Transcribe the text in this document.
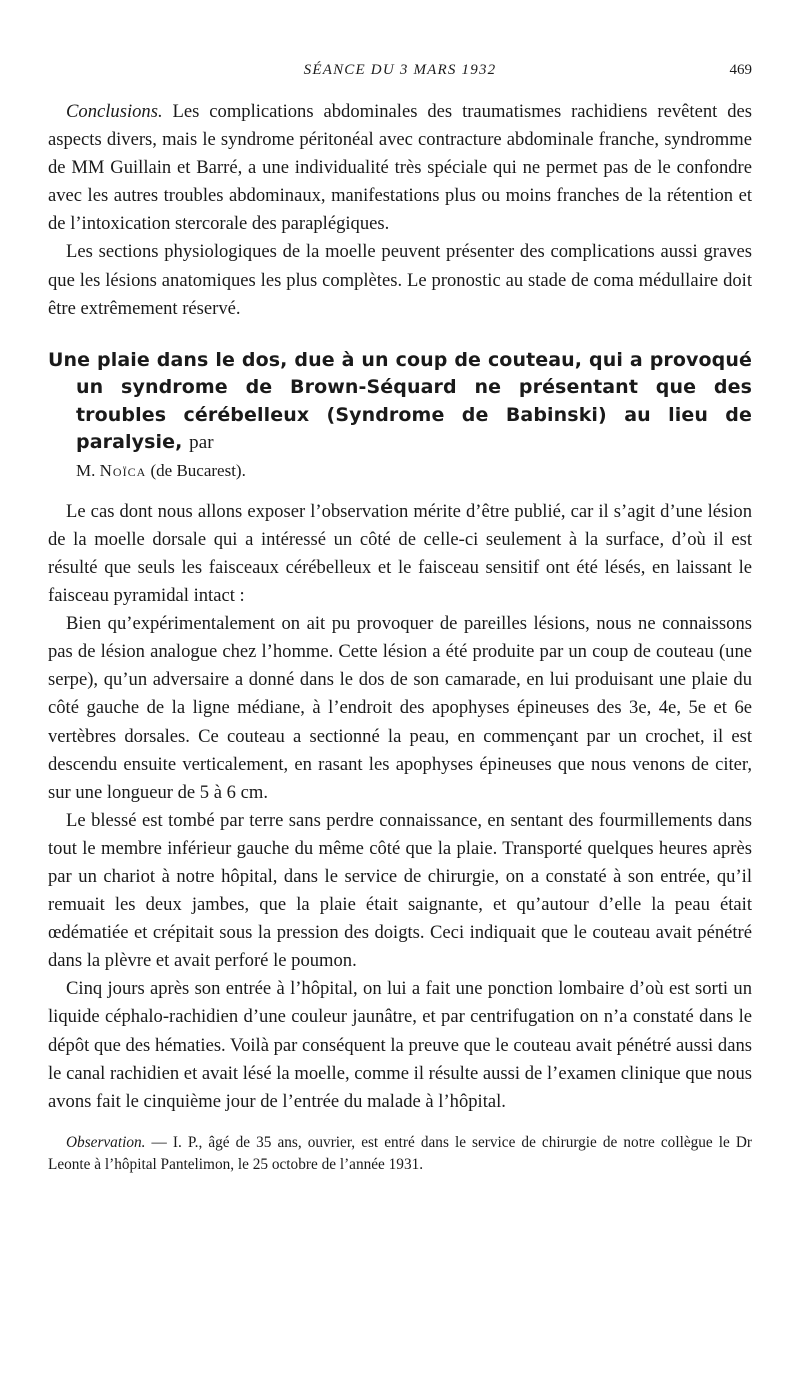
SÉANCE DU 3 MARS 1932	469

Conclusions. Les complications abdominales des traumatismes rachidiens revêtent des aspects divers, mais le syndrome péritonéal avec contracture abdominale franche, syndromme de MM Guillain et Barré, a une individualité très spéciale qui ne permet pas de le confondre avec les autres troubles abdominaux, manifestations plus ou moins franches de la rétention et de l’intoxication stercorale des paraplégiques.

Les sections physiologiques de la moelle peuvent présenter des complications aussi graves que les lésions anatomiques les plus complètes. Le pronostic au stade de coma médullaire doit être extrêmement réservé.

Une plaie dans le dos, due à un coup de couteau, qui a provoqué un syndrome de Brown-Séquard ne présentant que des troubles cérébelleux (Syndrome de Babinski) au lieu de paralysie, par
M. Noïca (de Bucarest).

Le cas dont nous allons exposer l’observation mérite d’être publié, car il s’agit d’une lésion de la moelle dorsale qui a intéressé un côté de celle-ci seulement à la surface, d’où il est résulté que seuls les faisceaux cérébelleux et le faisceau sensitif ont été lésés, en laissant le faisceau pyramidal intact :

Bien qu’expérimentalement on ait pu provoquer de pareilles lésions, nous ne connaissons pas de lésion analogue chez l’homme. Cette lésion a été produite par un coup de couteau (une serpe), qu’un adversaire a donné dans le dos de son camarade, en lui produisant une plaie du côté gauche de la ligne médiane, à l’endroit des apophyses épineuses des 3e, 4e, 5e et 6e vertèbres dorsales. Ce couteau a sectionné la peau, en commençant par un crochet, il est descendu ensuite verticalement, en rasant les apophyses épineuses que nous venons de citer, sur une longueur de 5 à 6 cm.

Le blessé est tombé par terre sans perdre connaissance, en sentant des fourmillements dans tout le membre inférieur gauche du même côté que la plaie. Transporté quelques heures après par un chariot à notre hôpital, dans le service de chirurgie, on a constaté à son entrée, qu’il remuait les deux jambes, que la plaie était saignante, et qu’autour d’elle la peau était œdématiée et crépitait sous la pression des doigts. Ceci indiquait que le couteau avait pénétré dans la plèvre et avait perforé le poumon.

Cinq jours après son entrée à l’hôpital, on lui a fait une ponction lombaire d’où est sorti un liquide céphalo-rachidien d’une couleur jaunâtre, et par centrifugation on n’a constaté dans le dépôt que des hématies. Voilà par conséquent la preuve que le couteau avait pénétré aussi dans le canal rachidien et avait lésé la moelle, comme il résulte aussi de l’examen clinique que nous avons fait le cinquième jour de l’entrée du malade à l’hôpital.

Observation. — I. P., âgé de 35 ans, ouvrier, est entré dans le service de chirurgie de notre collègue le Dr Leonte à l’hôpital Pantelimon, le 25 octobre de l’année 1931.
